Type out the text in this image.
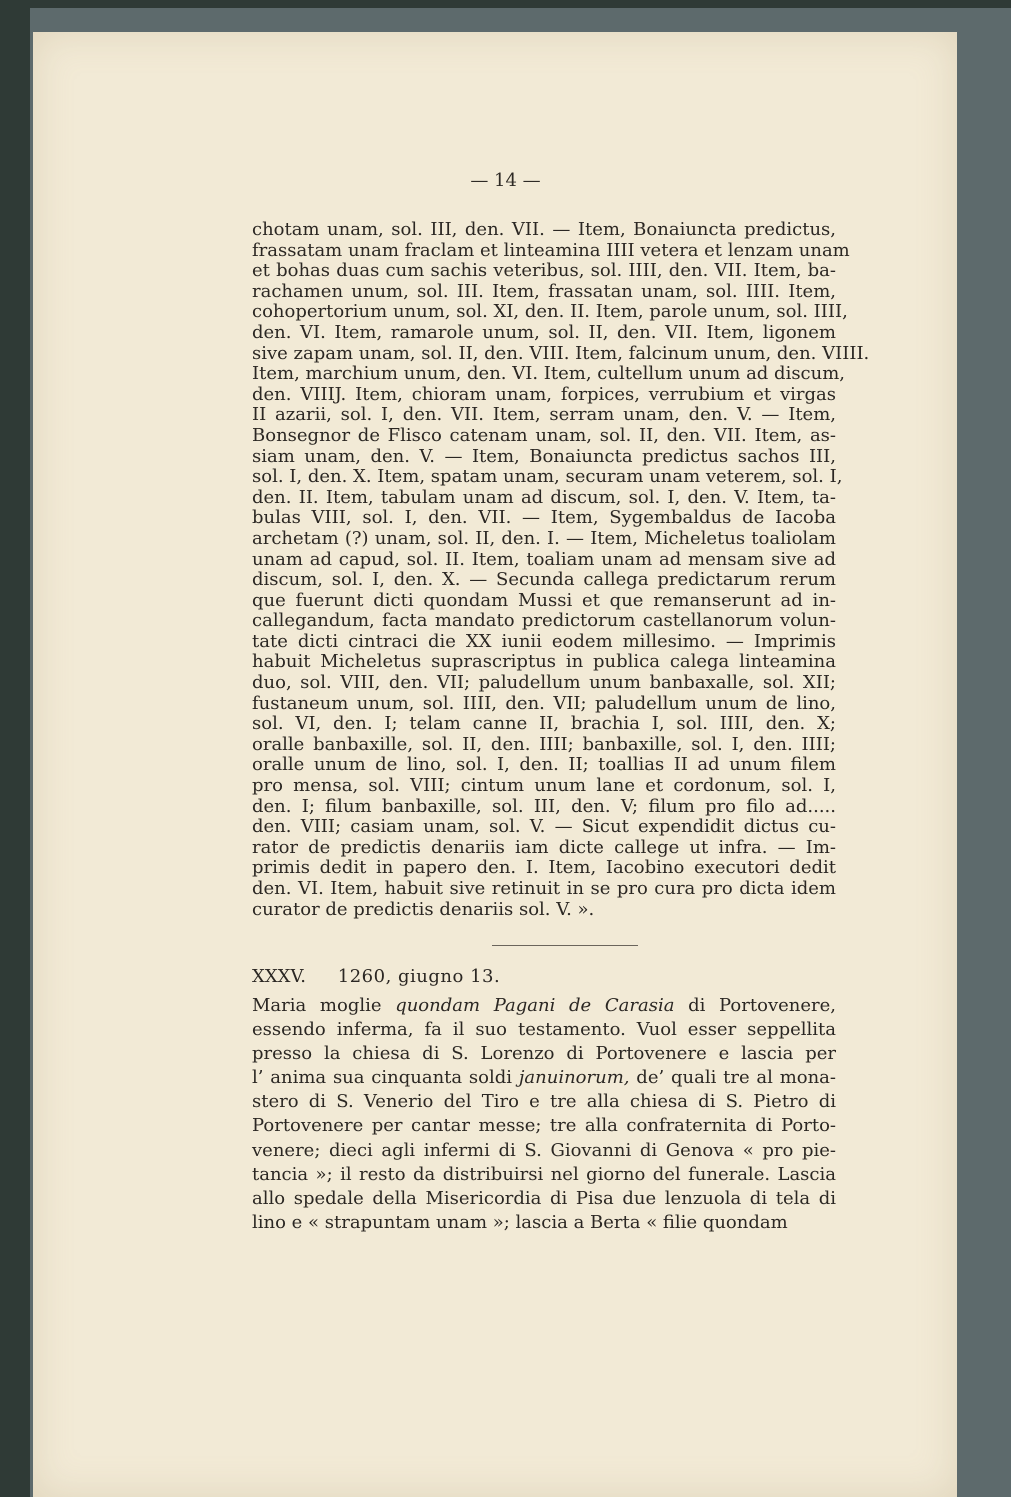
— 14 —
chotam unam, sol. III, den. VII. — Item, Bonaiuncta predictus,
frassatam unam fraclam et linteamina IIII vetera et lenzam unam
et bohas duas cum sachis veteribus, sol. IIII, den. VII. Item, ba-
rachamen unum, sol. III. Item, frassatan unam, sol. IIII. Item,
cohopertorium unum, sol. XI, den. II. Item, parole unum, sol. IIII,
den. VI. Item, ramarole unum, sol. II, den. VII. Item, ligonem
sive zapam unam, sol. II, den. VIII. Item, falcinum unum, den. VIIII.
Item, marchium unum, den. VI. Item, cultellum unum ad discum,
den. VIIIJ. Item, chioram unam, forpices, verrubium et virgas
II azarii, sol. I, den. VII. Item, serram unam, den. V. — Item,
Bonsegnor de Flisco catenam unam, sol. II, den. VII. Item, as-
siam unam, den. V. — Item, Bonaiuncta predictus sachos III,
sol. I, den. X. Item, spatam unam, securam unam veterem, sol. I,
den. II. Item, tabulam unam ad discum, sol. I, den. V. Item, ta-
bulas VIII, sol. I, den. VII. — Item, Sygembaldus de Iacoba
archetam (?) unam, sol. II, den. I. — Item, Micheletus toaliolam
unam ad capud, sol. II. Item, toaliam unam ad mensam sive ad
discum, sol. I, den. X. — Secunda callega predictarum rerum
que fuerunt dicti quondam Mussi et que remanserunt ad in-
callegandum, facta mandato predictorum castellanorum volun-
tate dicti cintraci die XX iunii eodem millesimo. — Imprimis
habuit Micheletus suprascriptus in publica calega linteamina
duo, sol. VIII, den. VII; paludellum unum banbaxalle, sol. XII;
fustaneum unum, sol. IIII, den. VII; paludellum unum de lino,
sol. VI, den. I; telam canne II, brachia I, sol. IIII, den. X;
oralle banbaxille, sol. II, den. IIII; banbaxille, sol. I, den. IIII;
oralle unum de lino, sol. I, den. II; toallias II ad unum filem
pro mensa, sol. VIII; cintum unum lane et cordonum, sol. I,
den. I; filum banbaxille, sol. III, den. V; filum pro filo ad.....
den. VIII; casiam unam, sol. V. — Sicut expendidit dictus cu-
rator de predictis denariis iam dicte callege ut infra. — Im-
primis dedit in papero den. I. Item, Iacobino executori dedit
den. VI. Item, habuit sive retinuit in se pro cura pro dicta idem
curator de predictis denariis sol. V. ».
XXXV. 1260, giugno 13.
Maria moglie quondam Pagani de Carasia di Portovenere,
essendo inferma, fa il suo testamento. Vuol esser seppellita
presso la chiesa di S. Lorenzo di Portovenere e lascia per
l’ anima sua cinquanta soldi januinorum, de’ quali tre al mona-
stero di S. Venerio del Tiro e tre alla chiesa di S. Pietro di
Portovenere per cantar messe; tre alla confraternita di Porto-
venere; dieci agli infermi di S. Giovanni di Genova « pro pie-
tancia »; il resto da distribuirsi nel giorno del funerale. Lascia
allo spedale della Misericordia di Pisa due lenzuola di tela di
lino e « strapuntam unam »; lascia a Berta « filie quondam
